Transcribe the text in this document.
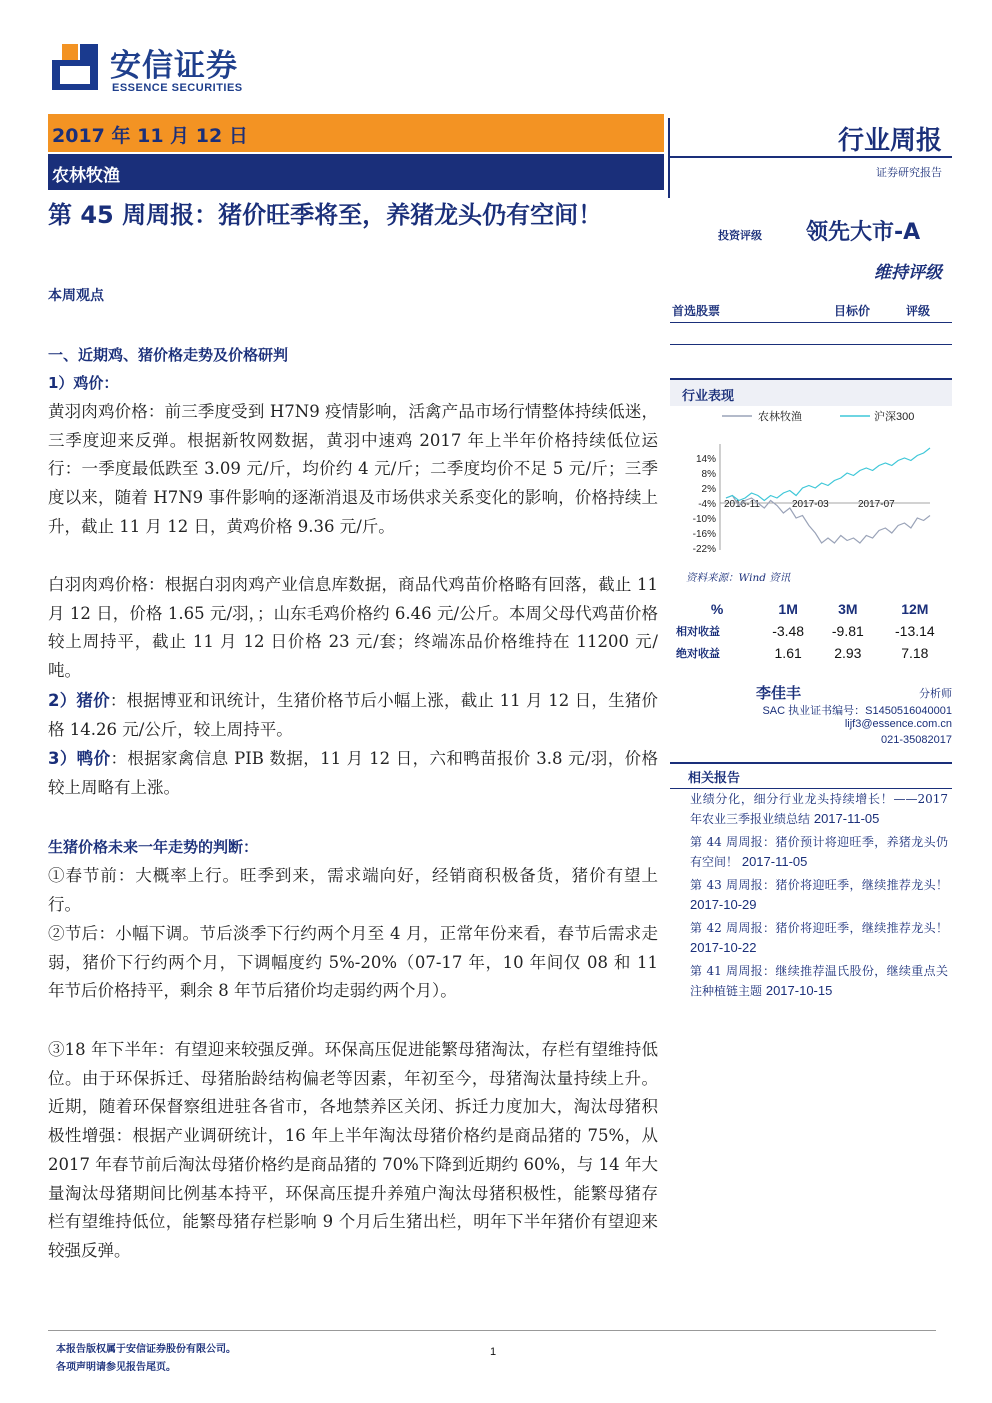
安信证券
ESSENCE SECURITIES
2017 年 11 月 12 日
农林牧渔
第 45 周周报：猪价旺季将至，养猪龙头仍有空间！
本周观点
行业周报
证券研究报告
投资评级 领先大市-A
维持评级
首选股票	目标价	评级
一、近期鸡、猪价格走势及价格研判
1）鸡价：
黄羽肉鸡价格：前三季度受到 H7N9 疫情影响，活禽产品市场行情整体持续低迷，三季度迎来反弹。根据新牧网数据，黄羽中速鸡 2017 年上半年价格持续低位运行：一季度最低跌至 3.09 元/斤，均价约 4 元/斤；二季度均价不足 5 元/斤；三季度以来，随着 H7N9 事件影响的逐渐消退及市场供求关系变化的影响，价格持续上升，截止 11 月 12 日，黄鸡价格 9.36 元/斤。
白羽肉鸡价格：根据白羽肉鸡产业信息库数据，商品代鸡苗价格略有回落，截止 11 月 12 日，价格 1.65 元/羽，；山东毛鸡价格约 6.46 元/公斤。本周父母代鸡苗价格较上周持平，截止 11 月 12 日价格 23 元/套；终端冻品价格维持在 11200 元/吨。
2）猪价：根据博亚和讯统计，生猪价格节后小幅上涨，截止 11 月 12 日，生猪价格 14.26 元/公斤，较上周持平。
3）鸭价：根据家禽信息 PIB 数据，11 月 12 日，六和鸭苗报价 3.8 元/羽，价格较上周略有上涨。
生猪价格未来一年走势的判断：
①春节前：大概率上行。旺季到来，需求端向好，经销商积极备货，猪价有望上行。
②节后：小幅下调。节后淡季下行约两个月至 4 月，正常年份来看，春节后需求走弱，猪价下行约两个月，下调幅度约 5%-20%（07-17 年，10 年间仅 08 和 11 年节后价格持平，剩余 8 年节后猪价均走弱约两个月）。
③18 年下半年：有望迎来较强反弹。环保高压促进能繁母猪淘汰，存栏有望维持低位。由于环保拆迁、母猪胎龄结构偏老等因素，年初至今，母猪淘汰量持续上升。近期，随着环保督察组进驻各省市，各地禁养区关闭、拆迁力度加大，淘汰母猪积极性增强：根据产业调研统计，16 年上半年淘汰母猪价格约是商品猪的 75%，从 2017 年春节前后淘汰母猪价格约是商品猪的 70%下降到近期约 60%，与 14 年大量淘汰母猪期间比例基本持平，环保高压提升养殖户淘汰母猪积极性，能繁母猪存栏有望维持低位，能繁母猪存栏影响 9 个月后生猪出栏，明年下半年猪价有望迎来较强反弹。
行业表现
农林牧渔	沪深300
14%
8%
2%
-4%
-10%
-16%
-22%
2016-11	2017-03	2017-07
资料来源：Wind 资讯
%	1M	3M	12M
相对收益	-3.48	-9.81	-13.14
绝对收益	1.61	2.93	7.18
李佳丰	分析师
SAC 执业证书编号：S1450516040001
lijf3@essence.com.cn
021-35082017
相关报告
业绩分化，细分行业龙头持续增长！——2017 年农业三季报业绩总结 2017-11-05
第 44 周周报：猪价预计将迎旺季，养猪龙头仍有空间！ 2017-11-05
第 43 周周报：猪价将迎旺季，继续推荐龙头！ 2017-10-29
第 42 周周报：猪价将迎旺季，继续推荐龙头！ 2017-10-22
第 41 周周报：继续推荐温氏股份，继续重点关注种植链主题 2017-10-15
本报告版权属于安信证券股份有限公司。
各项声明请参见报告尾页。
1
